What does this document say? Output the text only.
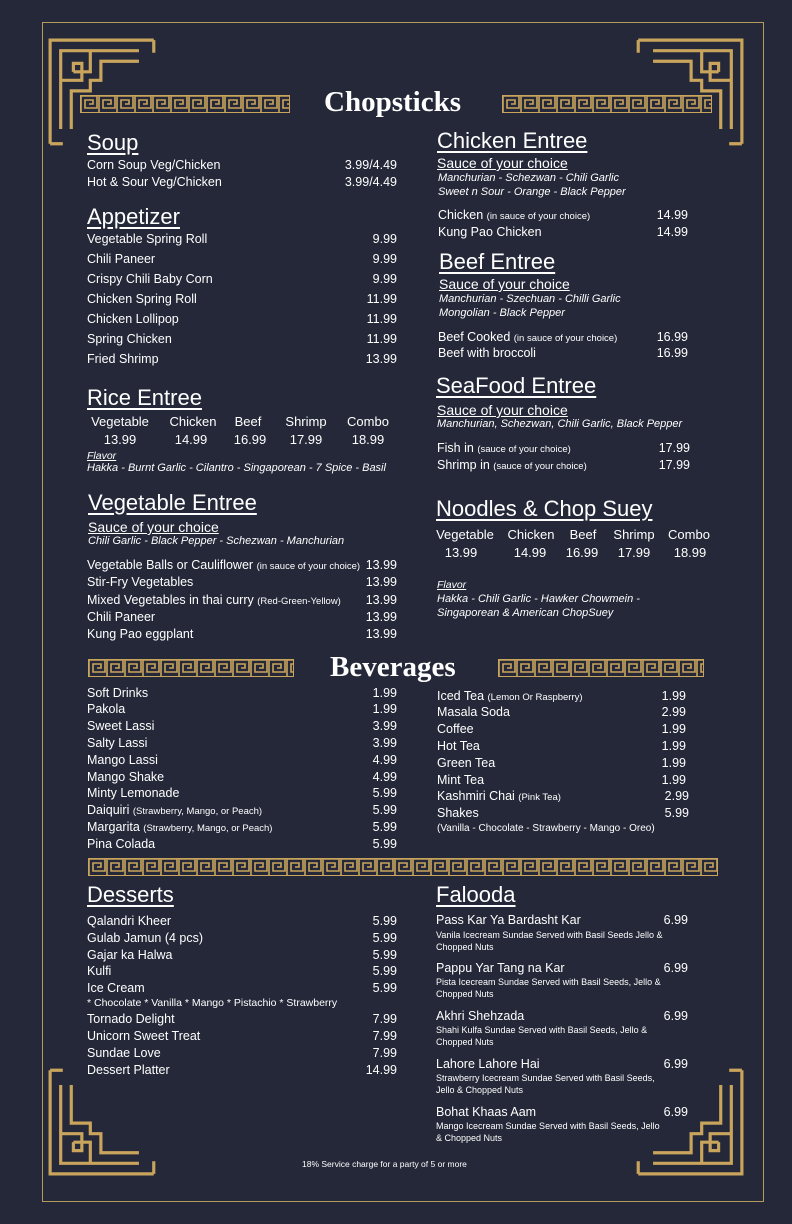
Chopsticks
Beverages
Soup
Corn Soup Veg/Chicken	3.99/4.49
Hot & Sour Veg/Chicken	3.99/4.49
Appetizer
Vegetable Spring Roll	9.99
Chili Paneer	9.99
Crispy Chili Baby Corn	9.99
Chicken Spring Roll	11.99
Chicken Lollipop	11.99
Spring Chicken	11.99
Fried Shrimp	13.99
Rice Entree
Vegetable Chicken Beef Shrimp Combo
13.99	14.99 16.99 17.99 18.99
Flavor
Hakka - Burnt Garlic - Cilantro - Singaporean - 7 Spice - Basil
Vegetable Entree
Sauce of your choice
Chili Garlic - Black Pepper - Schezwan - Manchurian
Vegetable Balls or Cauliflower (in sauce of your choice) 13.99
Stir-Fry Vegetables	13.99
Mixed Vegetables in thai curry (Red-Green-Yellow) 13.99
Chili Paneer	13.99
Kung Pao eggplant	13.99
Chicken Entree
Sauce of your choice
Manchurian - Schezwan - Chili Garlic
Sweet n Sour - Orange - Black Pepper
Chicken (in sauce of your choice)	14.99
Kung Pao Chicken	14.99
Beef Entree
Sauce of your choice
Manchurian - Szechuan - Chilli Garlic
Mongolian - Black Pepper
Beef Cooked (in sauce of your choice)	16.99
Beef with broccoli	16.99
SeaFood Entree
Sauce of your choice
Manchurian, Schezwan, Chili Garlic, Black Pepper
Fish in (sauce of your choice)	17.99
Shrimp in (sauce of your choice)	17.99
Noodles & Chop Suey
Vegetable Chicken Beef Shrimp Combo
13.99	14.99 16.99 17.99 18.99
Flavor
Hakka - Chili Garlic - Hawker Chowmein -
Singaporean & American ChopSuey
Soft Drinks	1.99
Pakola	1.99
Sweet Lassi	3.99
Salty Lassi	3.99
Mango Lassi	4.99
Mango Shake	4.99
Minty Lemonade	5.99
Daiquiri (Strawberry, Mango, or Peach)	5.99
Margarita (Strawberry, Mango, or Peach)	5.99
Pina Colada	5.99
Iced Tea (Lemon Or Raspberry)	1.99
Masala Soda	2.99
Coffee	1.99
Hot Tea	1.99
Green Tea	1.99
Mint Tea	1.99
Kashmiri Chai (Pink Tea)	2.99
Shakes	5.99
(Vanilla - Chocolate - Strawberry - Mango - Oreo)
Desserts
Qalandri Kheer	5.99
Gulab Jamun (4 pcs)	5.99
Gajar ka Halwa	5.99
Kulfi	5.99
Ice Cream	5.99
* Chocolate * Vanilla * Mango * Pistachio * Strawberry
Tornado Delight	7.99
Unicorn Sweet Treat	7.99
Sundae Love	7.99
Dessert Platter	14.99
Falooda
Pass Kar Ya Bardasht Kar	6.99
Vanila Icecream Sundae Served with Basil Seeds Jello & Chopped Nuts
Pappu Yar Tang na Kar	6.99
Pista Icecream Sundae Served with Basil Seeds, Jello & Chopped Nuts
Akhri Shehzada	6.99
Shahi Kulfa Sundae Served with Basil Seeds, Jello & Chopped Nuts
Lahore Lahore Hai	6.99
Strawberry Icecream Sundae Served with Basil Seeds, Jello & Chopped Nuts
Bohat Khaas Aam	6.99
Mango Icecream Sundae Served with Basil Seeds, Jello & Chopped Nuts
18% Service charge for a party of 5 or more
